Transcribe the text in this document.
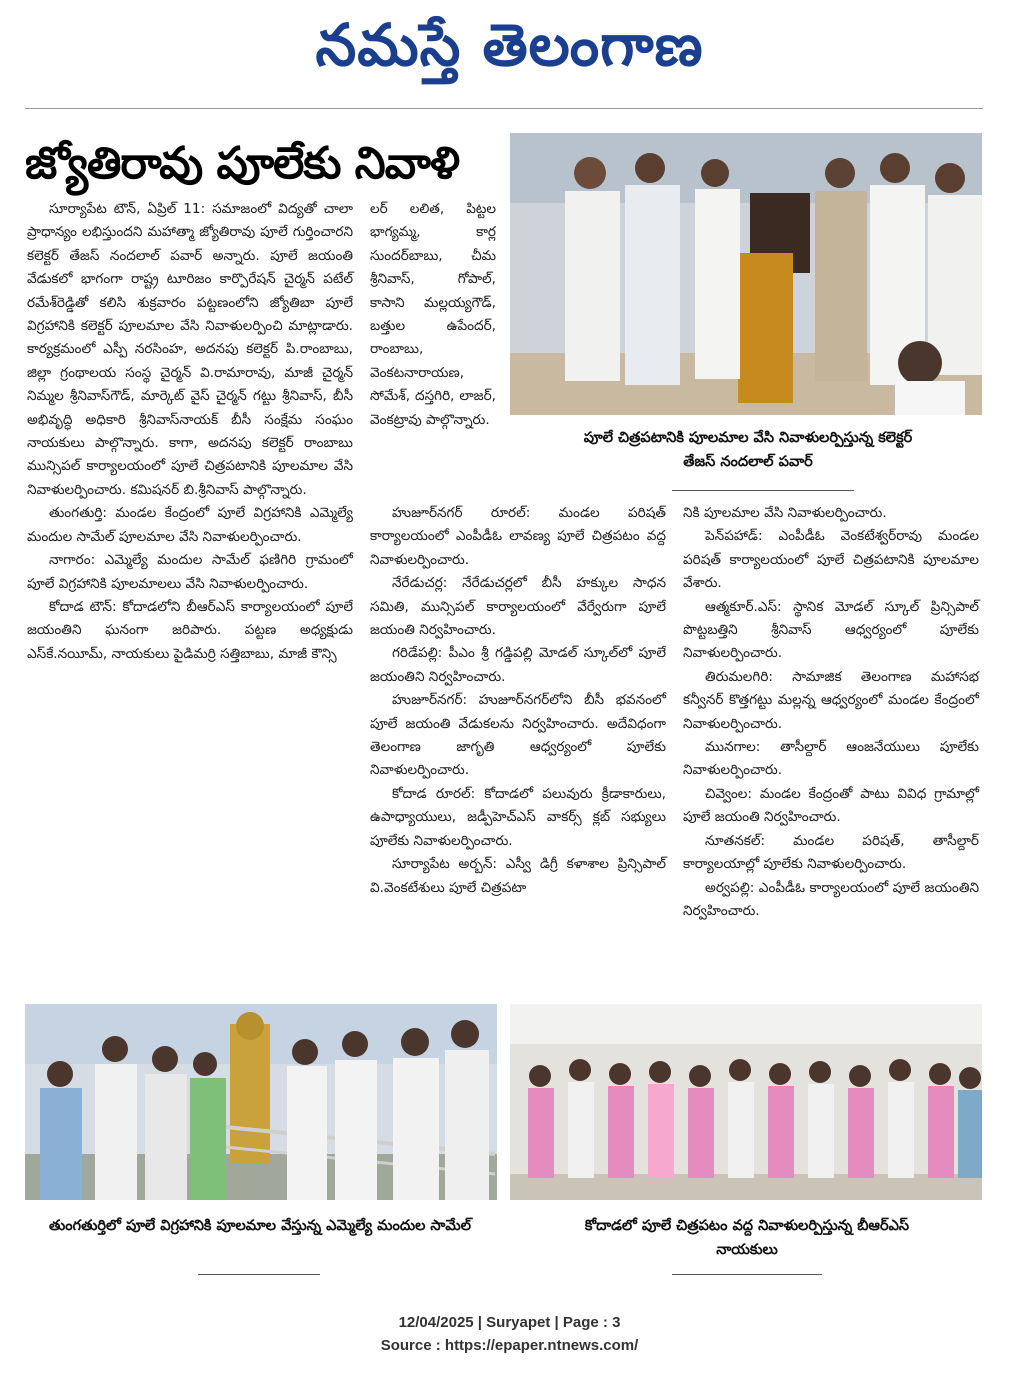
నమస్తే తెలంగాణ
జ్యోతిరావు పూలేకు నివాళి
పూలే చిత్రపటానికి పూలమాల వేసి నివాళులర్పిస్తున్న కలెక్టర్ తేజస్ నందలాల్ పవార్

సూర్యాపేట టౌన్, ఏప్రిల్ 11: సమాజంలో విద్యతో చాలా ప్రాధాన్యం లభిస్తుందని మహాత్మా జ్యోతిరావు పూలే గుర్తించారని కలెక్టర్ తేజస్ నందలాల్ పవార్ అన్నారు. పూలే జయంతి వేడుకలో భాగంగా రాష్ట్ర టూరిజం కార్పొరేషన్ చైర్మన్ పటేల్ రమేశ్‌రెడ్డితో కలిసి శుక్రవారం పట్టణంలోని జ్యోతిబా పూలే విగ్రహానికి కలెక్టర్ పూలమాల వేసి నివాళులర్పించి మాట్లాడారు. కార్యక్రమంలో ఎస్పీ నరసింహ, అదనపు కలెక్టర్ పి.రాంబాబు, జిల్లా గ్రంథాలయ సంస్థ చైర్మన్ వి.రామారావు, మాజీ చైర్మన్ నిమ్మల శ్రీనివాస్‌గౌడ్, మార్కెట్ వైస్ చైర్మన్ గట్టు శ్రీనివాస్, బీసీ అభివృద్ధి అధికారి శ్రీనివాస్‌నాయక్ బీసీ సంక్షేమ సంఘం నాయకులు పాల్గొన్నారు. కాగా, అదనపు కలెక్టర్ రాంబాబు మున్సిపల్ కార్యాలయంలో పూలే చిత్రపటానికి పూలమాల వేసి నివాళులర్పించారు. కమిషనర్ బి.శ్రీనివాస్ పాల్గొన్నారు.

తుంగతుర్తి: మండల కేంద్రంలో పూలే విగ్రహానికి ఎమ్మెల్యే మందుల సామేల్ పూలమాల వేసి నివాళులర్పించారు.

నాగారం: ఎమ్మెల్యే మందుల సామేల్ ఫణిగిరి గ్రామంలో పూలే విగ్రహానికి పూలమాలలు వేసి నివాళులర్పించారు.

కోదాడ టౌన్: కోదాడలోని బీఆర్ఎస్ కార్యాలయంలో పూలే జయంతిని ఘనంగా జరిపారు. పట్టణ అధ్యక్షుడు ఎస్‌కే.నయీమ్, నాయకులు పైడిమర్రి సత్తిబాబు, మాజీ కౌన్సి

లర్ లలిత, పిట్టల భాగ్యమ్మ, కార్ల సుందర్‌బాబు, చీమ శ్రీనివాస్, గోపాల్, కాసాని మల్లయ్యగౌడ్, బత్తుల ఉపేందర్, రాంబాబు, వెంకటనారాయణ, సోమేశ్, దస్తగిరి, లాజర్, వెంకట్రావు పాల్గొన్నారు.

హుజూర్‌నగర్ రూరల్: మండల పరిషత్ కార్యాలయంలో ఎంపీడీఓ లావణ్య పూలే చిత్రపటం వద్ద నివాళులర్పించారు.

నేరేడుచర్ల: నేరేడుచర్లలో బీసీ హక్కుల సాధన సమితి, మున్సిపల్ కార్యాలయంలో వేర్వేరుగా పూలే జయంతి నిర్వహించారు.

గరిడేపల్లి: పీఎం శ్రీ గడ్డిపల్లి మోడల్ స్కూల్‌లో పూలే జయంతిని నిర్వహించారు.

హుజూర్‌నగర్: హుజూర్‌నగర్‌లోని బీసీ భవనంలో పూలే జయంతి వేడుకలను నిర్వహించారు. అదేవిధంగా తెలంగాణ జాగృతి ఆధ్వర్యంలో పూలేకు నివాళులర్పించారు.

కోదాడ రూరల్: కోదాడలో పలువురు క్రీడాకారులు, ఉపాధ్యాయులు, జడ్పీహెచ్‌ఎస్ వాకర్స్ క్లబ్ సభ్యులు పూలేకు నివాళులర్పించారు.

సూర్యాపేట అర్బన్: ఎస్వీ డిగ్రీ కళాశాల ప్రిన్సిపాల్ వి.వెంకటేశులు పూలే చిత్రపటా

నికి పూలమాల వేసి నివాళులర్పించారు.

పెన్‌పహాడ్: ఎంపీడీఓ వెంకటేశ్వర్‌రావు మండల పరిషత్ కార్యాలయంలో పూలే చిత్రపటానికి పూలమాల వేశారు.

ఆత్మకూర్.ఎస్: స్థానిక మోడల్ స్కూల్ ప్రిన్సిపాల్ పొట్టబత్తిని శ్రీనివాస్ ఆధ్వర్యంలో పూలేకు నివాళులర్పించారు.

తిరుమలగిరి: సామాజిక తెలంగాణ మహాసభ కన్వీనర్ కొత్తగట్టు మల్లన్న ఆధ్వర్యంలో మండల కేంద్రంలో నివాళులర్పించారు.

మునగాల: తాసీల్దార్ ఆంజనేయులు పూలేకు నివాళులర్పించారు.

చివ్వెంల: మండల కేంద్రంతో పాటు వివిధ గ్రామాల్లో పూలే జయంతి నిర్వహించారు.

నూతనకల్: మండల పరిషత్, తాసీల్దార్ కార్యాలయాల్లో పూలేకు నివాళులర్పించారు.

అర్వపల్లి: ఎంపీడీఓ కార్యాలయంలో పూలే జయంతిని నిర్వహించారు.

తుంగతుర్తిలో పూలే విగ్రహానికి పూలమాల వేస్తున్న ఎమ్మెల్యే మందుల సామేల్	కోదాడలో పూలే చిత్రపటం వద్ద నివాళులర్పిస్తున్న బీఆర్ఎస్ నాయకులు
12/04/2025 | Suryapet | Page : 3
Source : https://epaper.ntnews.com/
